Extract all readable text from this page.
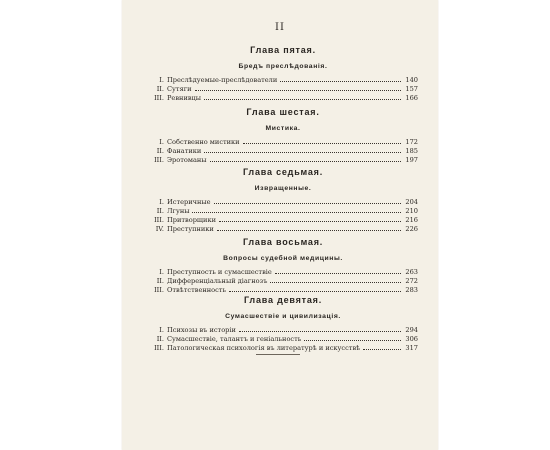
II
Глава пятая.
Бредъ преслѣдованія.
I. Преслѣдуемые-преслѣдователи	140
II. Сутяги	157
III. Ревнивцы	166
Глава шестая.
Мистика.
I. Собственно мистики	172
II. Фанатики	185
III. Эротоманы	197
Глава седьмая.
Извращенные.
I. Истеричные	204
II. Лгуны	210
III. Притворщики	216
IV. Преступники	226
Глава восьмая.
Вопросы судебной медицины.
I. Преступность и сумасшествіе	263
II. Дифференціальный діагнозъ	272
III. Отвѣтственность	283
Глава девятая.
Сумасшествіе и цивилизація.
I. Психозы въ исторіи	294
II. Сумасшествіе, талантъ и геніальность	306
III. Патологическая психологія въ литературѣ и искусствѣ	317
